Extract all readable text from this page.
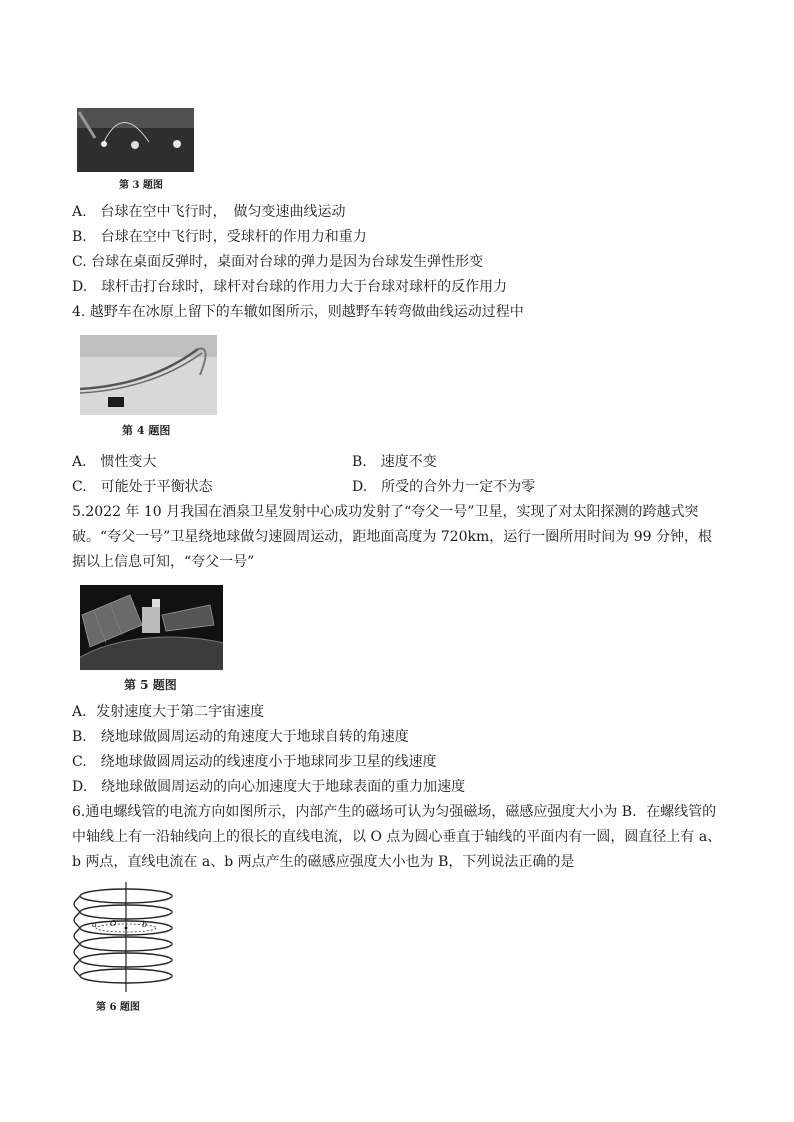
第 3 题图
A.　台球在空中飞行时，　做匀变速曲线运动
B.　台球在空中飞行时，受球杆的作用力和重力
C. 台球在桌面反弹时，桌面对台球的弹力是因为台球发生弹性形变
D.　球杆击打台球时，球杆对台球的作用力大于台球对球杆的反作用力
4. 越野车在冰原上留下的车辙如图所示，则越野车转弯做曲线运动过程中
第 4 题图
A.　惯性变大	B.　速度不变
C.　可能处于平衡状态	D.　所受的合外力一定不为零
5.2022 年 10 月我国在酒泉卫星发射中心成功发射了“夸父一号”卫星，实现了对太阳探测的跨越式突
破。“夸父一号”卫星绕地球做匀速圆周运动，距地面高度为 720km，运行一圈所用时间为 99 分钟，根
据以上信息可知，“夸父一号”
第 5 题图
A．发射速度大于第二宇宙速度
B.　绕地球做圆周运动的角速度大于地球自转的角速度
C.　绕地球做圆周运动的线速度小于地球同步卫星的线速度
D.　绕地球做圆周运动的向心加速度大于地球表面的重力加速度
6.通电螺线管的电流方向如图所示，内部产生的磁场可认为匀强磁场，磁感应强度大小为 B．在螺线管的
中轴线上有一沿轴线向上的很长的直线电流，以 O 点为圆心垂直于轴线的平面内有一圆，圆直径上有 a、
b 两点，直线电流在 a、b 两点产生的磁感应强度大小也为 B，下列说法正确的是
a O	b
第 6 题图
